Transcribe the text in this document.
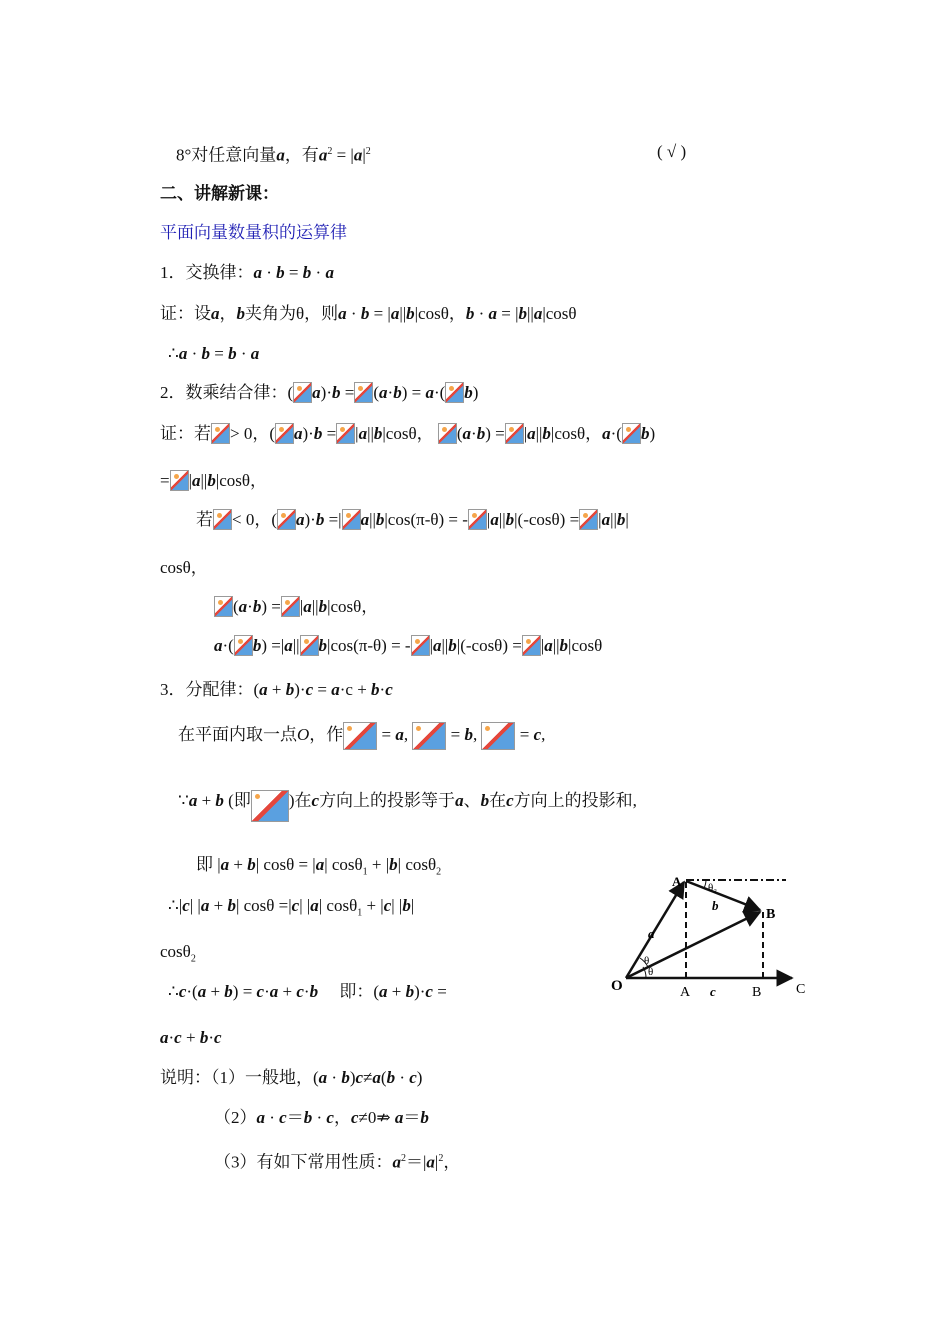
8°对任意向量a，有$a^2 = |a|^2$	( √ )
二、讲解新课：
平面向量数量积的运算律
1．交换律：a · b = b · a
证：设a，b夹角为θ，则a · b = |a||b|cosθ，b · a = |b||a|cosθ
∴a · b = b · a
2．数乘结合律：( a)·b = (a·b) = a·( b)
证：若 > 0，( a)·b = |a||b|cosθ， (a·b) = |a||b|cosθ，a·( b)
= |a||b|cosθ，
若 < 0，( a)·b =| a||b|cos(π-θ) = - |a||b|(-cosθ) = |a||b|
cosθ，
(a·b) = |a||b|cosθ，
a·( b) =|a|| b|cos(π-θ) = - |a||b|(-cosθ) = |a||b|cosθ
3．分配律：(a + b)·c = a·c + b·c
在平面内取一点O，作 = a,  = b,  = c,
∵a + b (即 )在c方向上的投影等于a、b在c方向上的投影和,
即 |a + b| cosθ = |a| cosθ$_1$ + |b| cosθ$_2$
∴|c| |a + b| cosθ =|c| |a| cosθ$_1$ + |c| |b|
cosθ$_2$
∴c·(a + b) = c·a + c·b     即：(a + b)·c =
a·c + b·c
说明：（1）一般地，(a · b)c≠a(b · c)
（2）a · c＝b · c，c≠0⇏ a＝b
（3）有如下常用性质：$a^2=|a|^2$，
O
A
A
B
B C
a
b
c
θ
θ
θ₂
